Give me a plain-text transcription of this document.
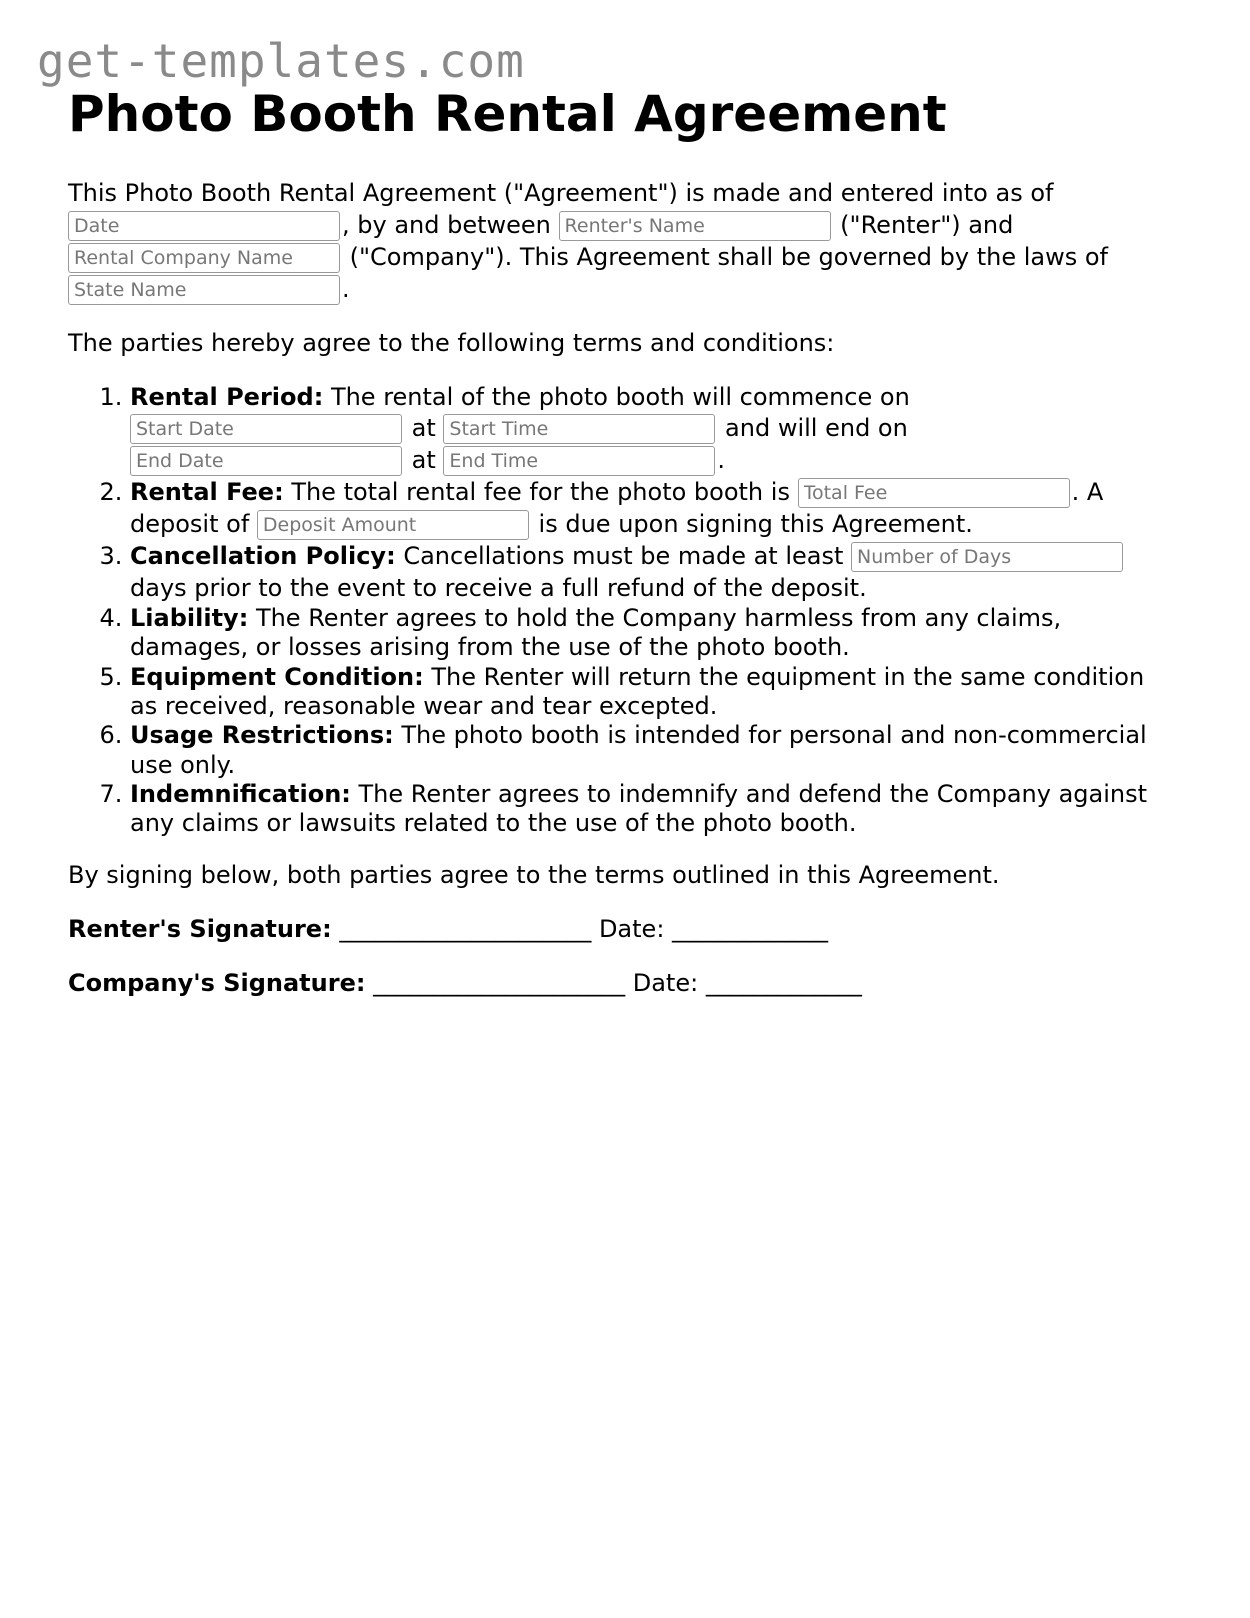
get-templates.com
Photo Booth Rental Agreement

This Photo Booth Rental Agreement ("Agreement") is made and entered into as of
Date, by and between Renter's Name	("Renter") and
Rental Company Name ("Company"). This Agreement shall be governed by the laws of
State Name.

The parties hereby agree to the following terms and conditions:

1. Rental Period: The rental of the photo booth will commence on
Start Date at Start Time	and will end on
End Date at End Time	.
2. Rental Fee: The total rental fee for the photo booth is Total Fee	. A deposit of Deposit Amount	is due upon signing this Agreement.
3. Cancellation Policy: Cancellations must be made at least Number of Days days prior to the event to receive a full refund of the deposit.
4. Liability: The Renter agrees to hold the Company harmless from any claims, damages, or losses arising from the use of the photo booth.
5. Equipment Condition: The Renter will return the equipment in the same condition as received, reasonable wear and tear excepted.
6. Usage Restrictions: The photo booth is intended for personal and non-commercial use only.
7. Indemnification: The Renter agrees to indemnify and defend the Company against any claims or lawsuits related to the use of the photo booth.

By signing below, both parties agree to the terms outlined in this Agreement.

Renter's Signature: _____________________ Date: _____________

Company's Signature: _____________________ Date: _____________
